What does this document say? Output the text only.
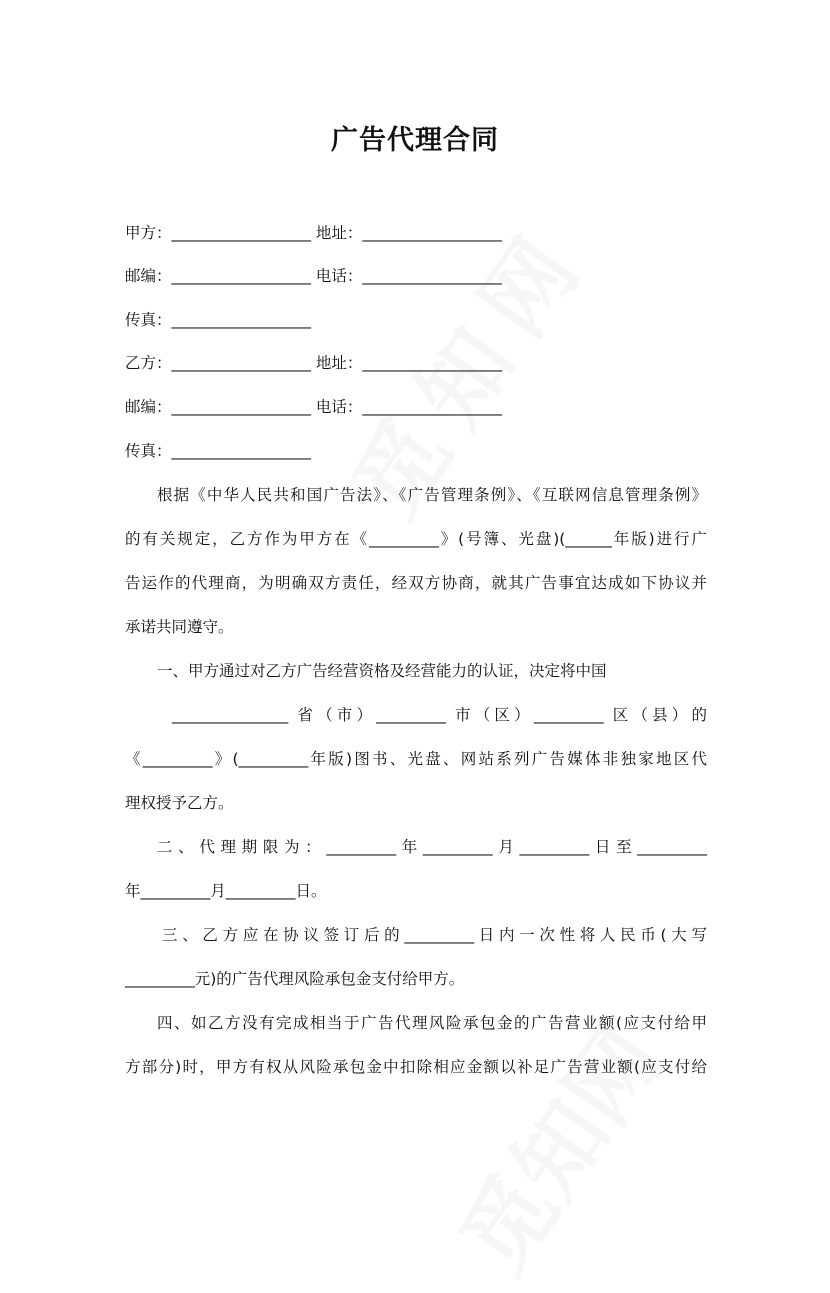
广告代理合同
甲方：__________________ 地址：__________________
邮编：__________________ 电话：__________________
传真：__________________
乙方：__________________ 地址：__________________
邮编：__________________ 电话：__________________
传真：__________________
根据《中华人民共和国广告法》、《广告管理条例》、《互联网信息管理条例》
的有关规定，乙方作为甲方在《_________》(号簿、光盘)(______年版)进行广
告运作的代理商，为明确双方责任，经双方协商，就其广告事宜达成如下协议并
承诺共同遵守。
一、甲方通过对乙方广告经营资格及经营能力的认证，决定将中国
_______________ 省（市）_________ 市（区）_________ 区（县）的
《_________》(_________年版)图书、光盘、网站系列广告媒体非独家地区代
理权授予乙方。
二、代理期限为：_________年_________月_________日至_________
年_________月_________日。
三、乙方应在协议签订后的_________日内一次性将人民币(大写
_________元)的广告代理风险承包金支付给甲方。
四、如乙方没有完成相当于广告代理风险承包金的广告营业额(应支付给甲
方部分)时，甲方有权从风险承包金中扣除相应金额以补足广告营业额(应支付给
